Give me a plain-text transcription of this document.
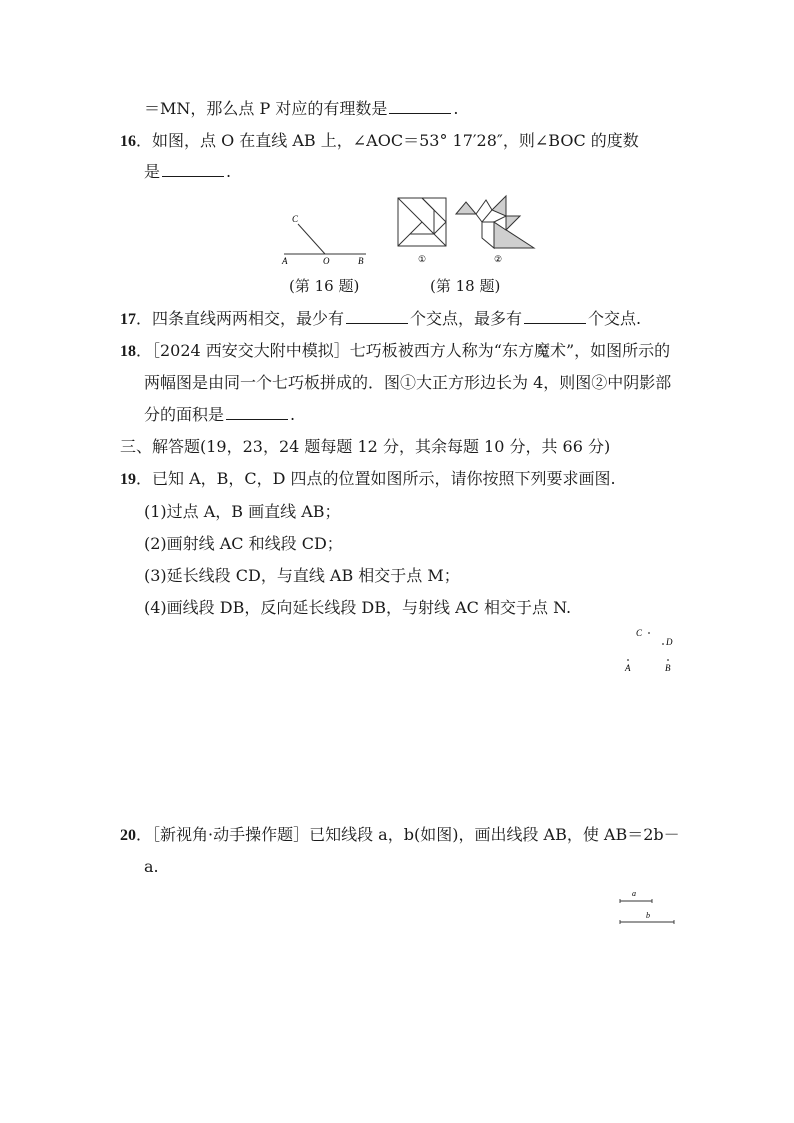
＝MN，那么点 P 对应的有理数是	.
16．如图，点 O 在直线 AB 上，∠AOC＝53° 17′28″，则∠BOC 的度数
是	.
C
A	O	B	①	②
(第 16 题)	(第 18 题)
17．四条直线两两相交，最少有	个交点，最多有	个交点.
18．［2024 西安交大附中模拟］七巧板被西方人称为“东方魔术”，如图所示的
两幅图是由同一个七巧板拼成的．图①大正方形边长为 4，则图②中阴影部
分的面积是	.
三、解答题(19，23，24 题每题 12 分，其余每题 10 分，共 66 分)
19．已知 A，B，C，D 四点的位置如图所示，请你按照下列要求画图.
(1)过点 A，B 画直线 AB；
(2)画射线 AC 和线段 CD；
(3)延长线段 CD，与直线 AB 相交于点 M；
(4)画线段 DB，反向延长线段 DB，与射线 AC 相交于点 N.
C
D
A	B
20．［新视角·动手操作题］已知线段 a，b(如图)，画出线段 AB，使 AB＝2b－
a.
a
b
